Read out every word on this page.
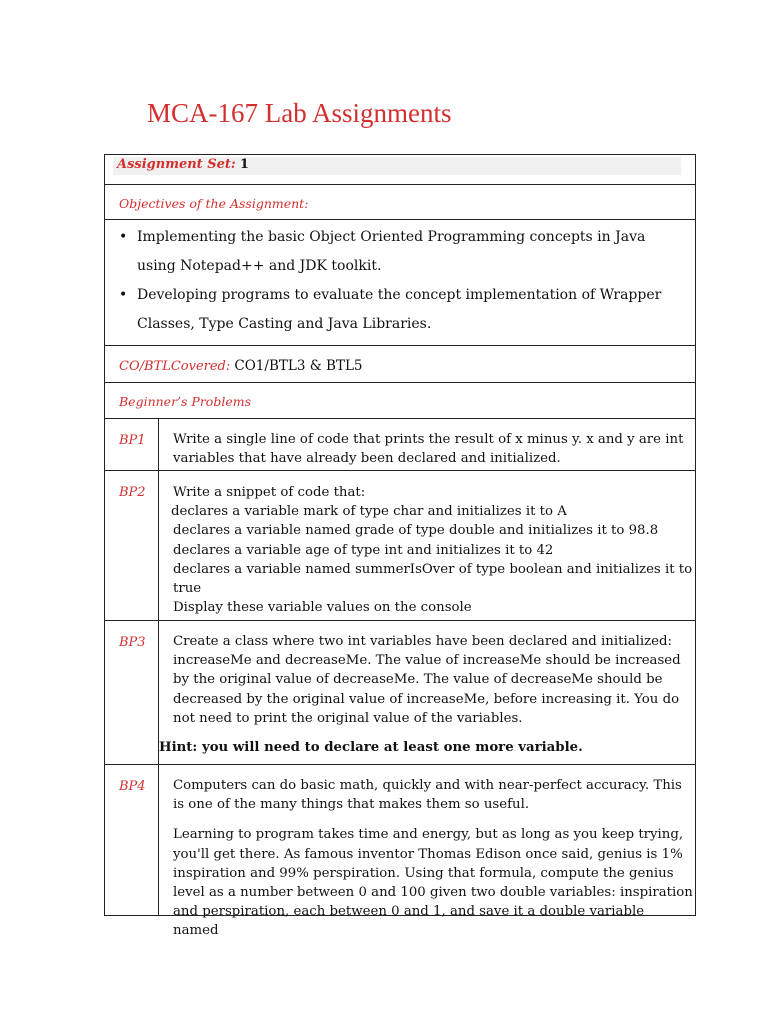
MCA-167 Lab Assignments
Assignment Set: 1
Objectives of the Assignment:
• Implementing the basic Object Oriented Programming concepts in Java using Notepad++ and JDK toolkit.
• Developing programs to evaluate the concept implementation of Wrapper Classes, Type Casting and Java Libraries.
CO/BTLCovered: CO1/BTL3 & BTL5
Beginner’s Problems
BP1 Write a single line of code that prints the result of x minus y. x and y are int variables that have already been declared and initialized.

BP2 Write a snippet of code that:
declares a variable mark of type char and initializes it to A
declares a variable named grade of type double and initializes it to 98.8
declares a variable age of type int and initializes it to 42
declares a variable named summerIsOver of type boolean and initializes it to true
Display these variable values on the console
BP3 Create a class where two int variables have been declared and initialized: increaseMe and decreaseMe. The value of increaseMe should be increased by the original value of decreaseMe. The value of decreaseMe should be decreased by the original value of increaseMe, before increasing it. You do not need to print the original value of the variables.

Hint: you will need to declare at least one more variable.
BP4 Computers can do basic math, quickly and with near-perfect accuracy. This is one of the many things that makes them so useful.

Learning to program takes time and energy, but as long as you keep trying, you'll get there. As famous inventor Thomas Edison once said, genius is 1% inspiration and 99% perspiration. Using that formula, compute the genius level as a number between 0 and 100 given two double variables: inspiration and perspiration, each between 0 and 1, and save it a double variable named
